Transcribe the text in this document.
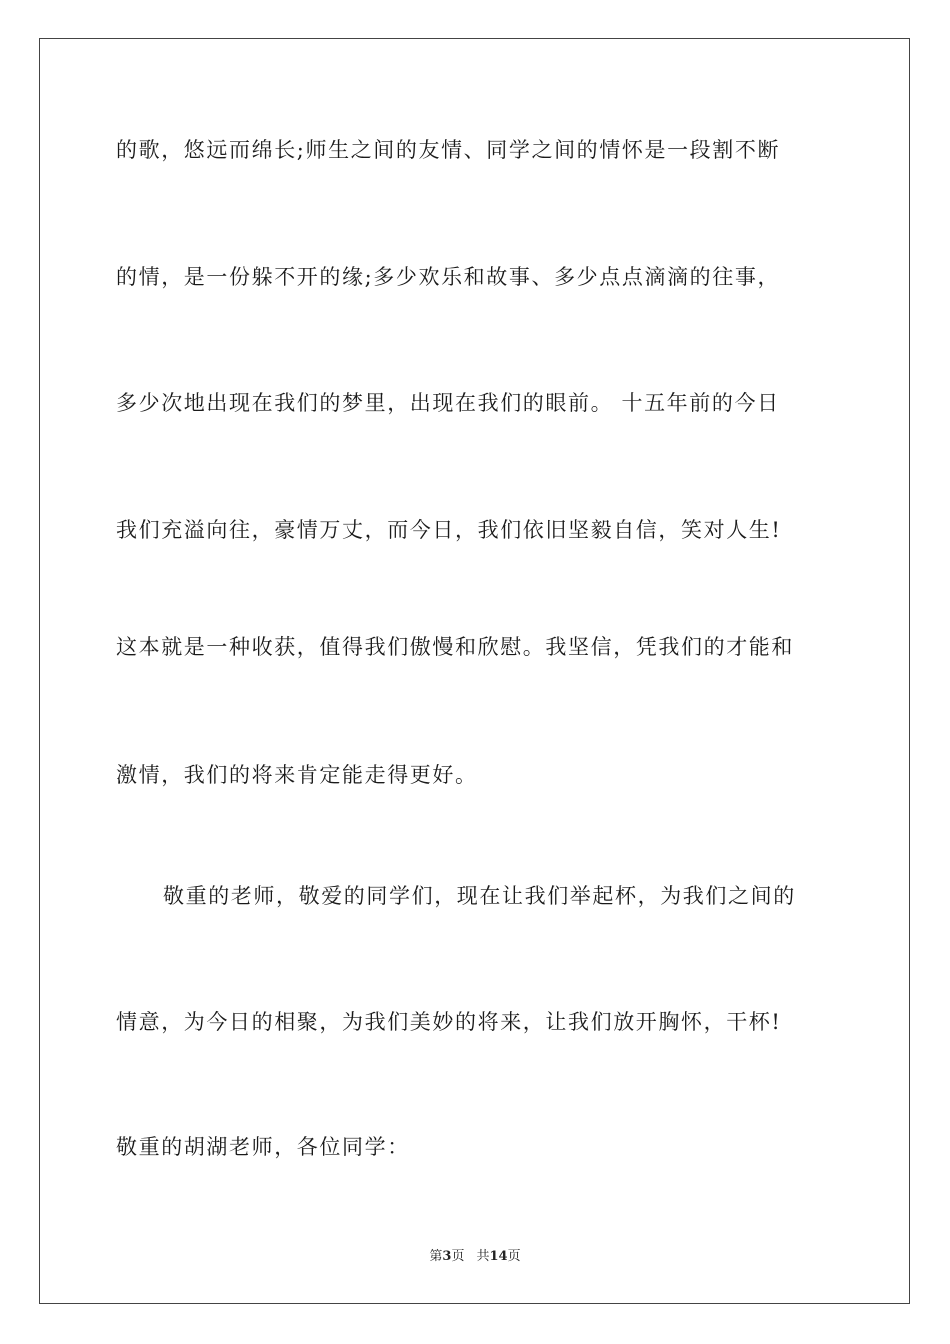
的歌，悠远而绵长;师生之间的友情、同学之间的情怀是一段割不断
的情，是一份躲不开的缘;多少欢乐和故事、多少点点滴滴的往事，
多少次地出现在我们的梦里，出现在我们的眼前。 十五年前的今日
我们充溢向往，豪情万丈，而今日，我们依旧坚毅自信，笑对人生!
这本就是一种收获，值得我们傲慢和欣慰。我坚信，凭我们的才能和
激情，我们的将来肯定能走得更好。
敬重的老师，敬爱的同学们，现在让我们举起杯，为我们之间的
情意，为今日的相聚，为我们美妙的将来，让我们放开胸怀，干杯!
敬重的胡湖老师，各位同学：
第3页 共14页
